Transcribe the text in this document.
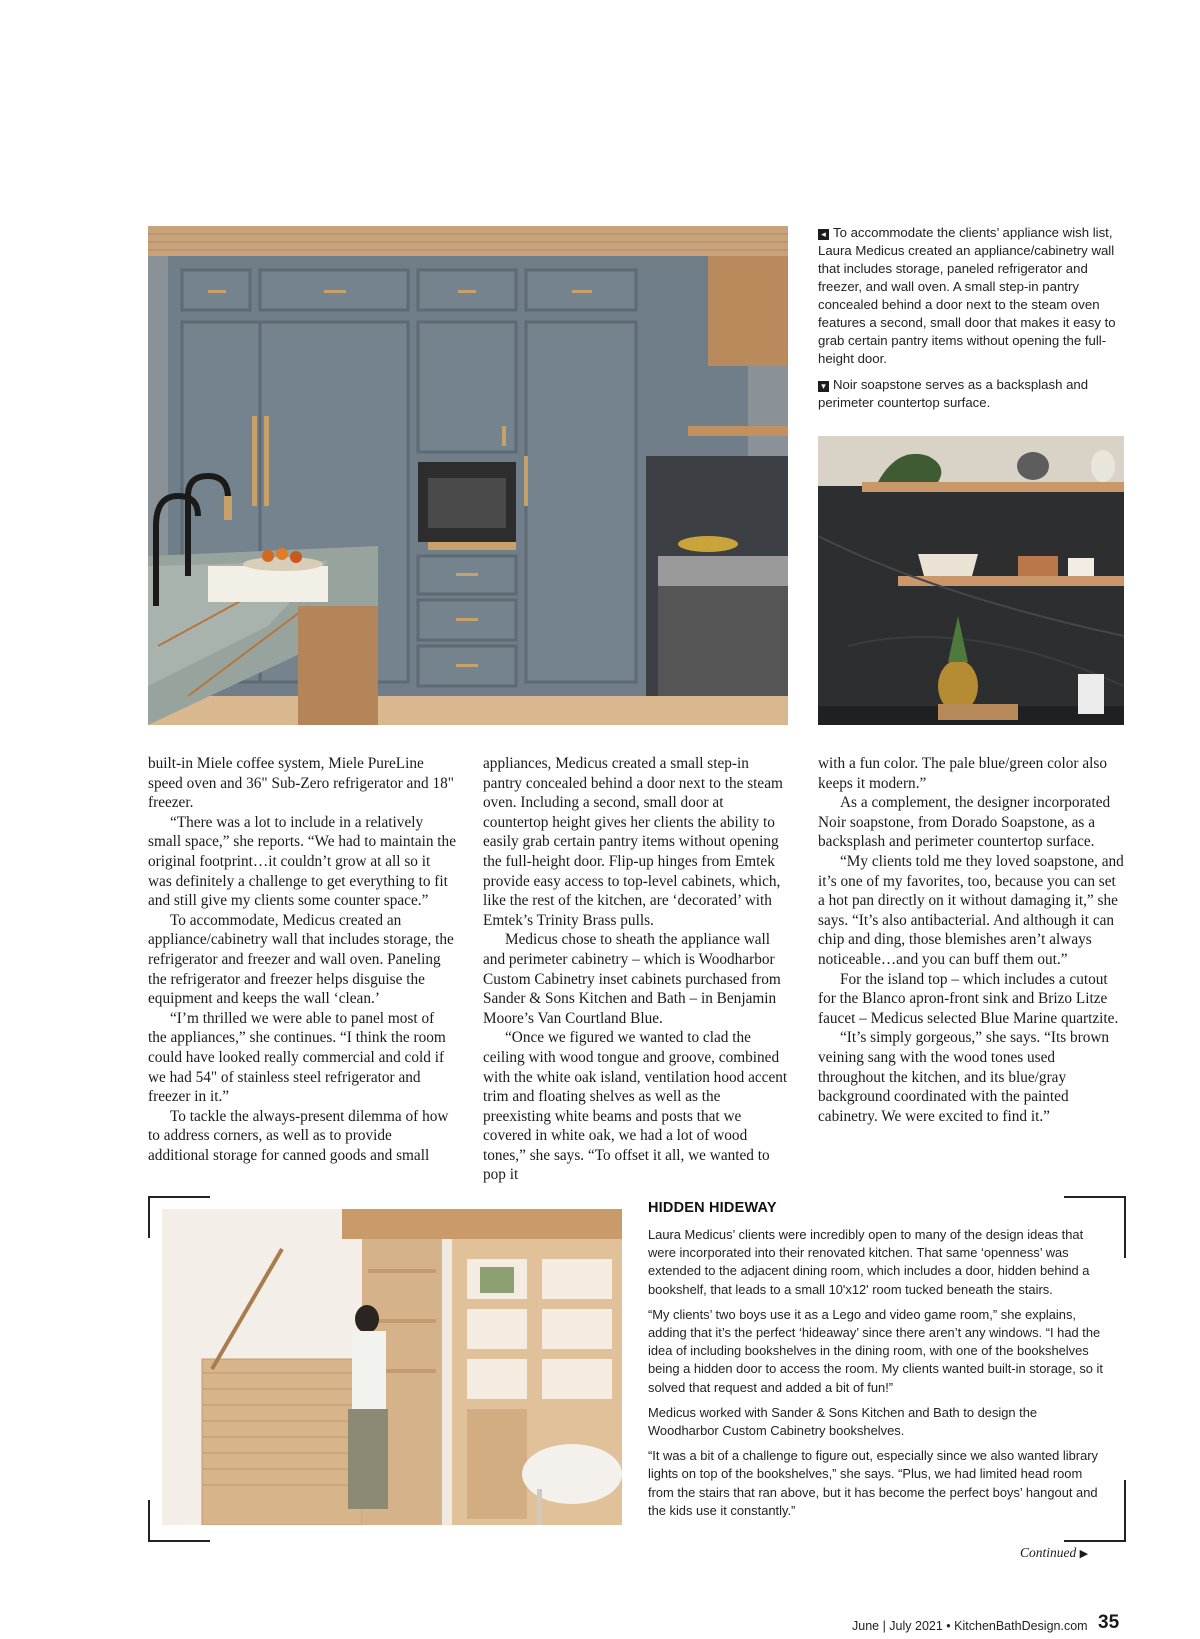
◂ To accommodate the clients’ appliance wish list, Laura Medicus created an appliance/cabinetry wall that includes storage, paneled refrigerator and freezer, and wall oven. A small step-in pantry concealed behind a door next to the steam oven features a second, small door that makes it easy to grab certain pantry items without opening the full-height door.

▾ Noir soapstone serves as a backsplash and perimeter countertop surface.

built-in Miele coffee system, Miele PureLine speed oven and 36" Sub-Zero refrigerator and 18" freezer.

“There was a lot to include in a relatively small space,” she reports. “We had to maintain the original footprint…it couldn’t grow at all so it was definitely a challenge to get everything to fit and still give my clients some counter space.”

To accommodate, Medicus created an appliance/cabinetry wall that includes storage, the refrigerator and freezer and wall oven. Paneling the refrigerator and freezer helps disguise the equipment and keeps the wall ‘clean.’

“I’m thrilled we were able to panel most of the appliances,” she continues. “I think the room could have looked really commercial and cold if we had 54" of stainless steel refrigerator and freezer in it.”

To tackle the always-present dilemma of how to address corners, as well as to provide additional storage for canned goods and small

appliances, Medicus created a small step-in pantry concealed behind a door next to the steam oven. Including a second, small door at countertop height gives her clients the ability to easily grab certain pantry items without opening the full-height door. Flip-up hinges from Emtek provide easy access to top-level cabinets, which, like the rest of the kitchen, are ‘decorated’ with Emtek’s Trinity Brass pulls.

Medicus chose to sheath the appliance wall and perimeter cabinetry – which is Woodharbor Custom Cabinetry inset cabinets purchased from Sander & Sons Kitchen and Bath – in Benjamin Moore’s Van Courtland Blue.

“Once we figured we wanted to clad the ceiling with wood tongue and groove, combined with the white oak island, ventilation hood accent trim and floating shelves as well as the preexisting white beams and posts that we covered in white oak, we had a lot of wood tones,” she says. “To offset it all, we wanted to pop it

with a fun color. The pale blue/green color also keeps it modern.”

As a complement, the designer incorporated Noir soapstone, from Dorado Soapstone, as a backsplash and perimeter countertop surface.

“My clients told me they loved soapstone, and it’s one of my favorites, too, because you can set a hot pan directly on it without damaging it,” she says. “It’s also antibacterial. And although it can chip and ding, those blemishes aren’t always noticeable…and you can buff them out.”

For the island top – which includes a cutout for the Blanco apron-front sink and Brizo Litze faucet – Medicus selected Blue Marine quartzite.

“It’s simply gorgeous,” she says. “Its brown veining sang with the wood tones used throughout the kitchen, and its blue/gray background coordinated with the painted cabinetry. We were excited to find it.”

HIDDEN HIDEWAY

Laura Medicus’ clients were incredibly open to many of the design ideas that were incorporated into their renovated kitchen. That same ‘openness’ was extended to the adjacent dining room, which includes a door, hidden behind a bookshelf, that leads to a small 10'x12' room tucked beneath the stairs.

“My clients’ two boys use it as a Lego and video game room,” she explains, adding that it’s the perfect ‘hideaway’ since there aren’t any windows. “I had the idea of including bookshelves in the dining room, with one of the bookshelves being a hidden door to access the room. My clients wanted built-in storage, so it solved that request and added a bit of fun!”

Medicus worked with Sander & Sons Kitchen and Bath to design the Woodharbor Custom Cabinetry bookshelves.

“It was a bit of a challenge to figure out, especially since we also wanted library lights on top of the bookshelves,” she says. “Plus, we had limited head room from the stairs that ran above, but it has become the perfect boys’ hangout and the kids use it constantly.”

Continued ▶
June | July 2021 • KitchenBathDesign.com 35
